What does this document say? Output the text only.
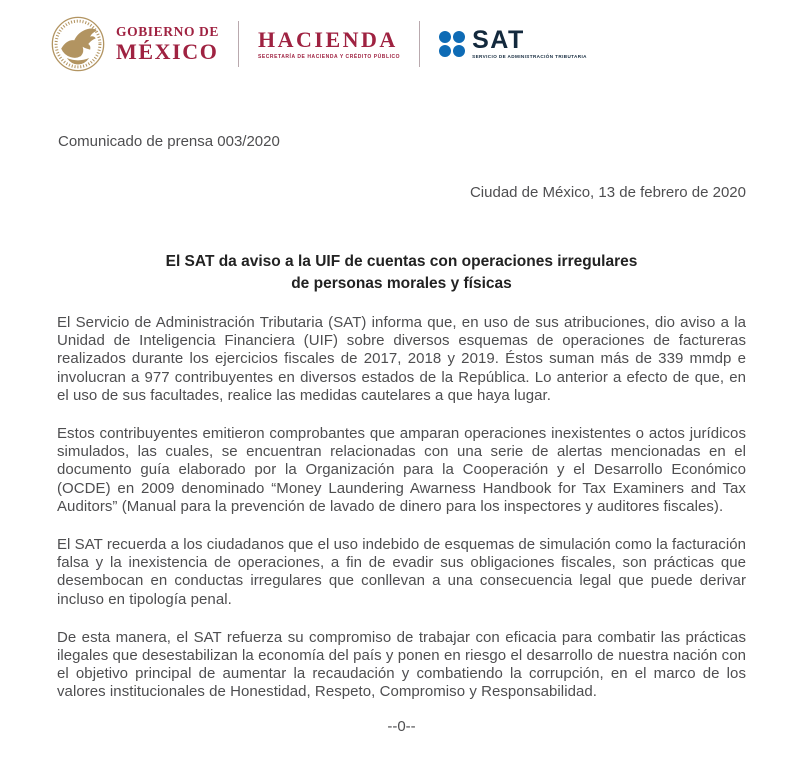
GOBIERNO DE
MÉXICO HACIENDA
SECRETARÍA DE HACIENDA Y CRÉDITO PÚBLICO
SAT
SERVICIO DE ADMINISTRACIÓN TRIBUTARIA
Comunicado de prensa 003/2020
Ciudad de México, 13 de febrero de 2020
El SAT da aviso a la UIF de cuentas con operaciones irregulares
de personas morales y físicas

El Servicio de Administración Tributaria (SAT) informa que, en uso de sus atribuciones, dio aviso a la Unidad de Inteligencia Financiera (UIF) sobre diversos esquemas de operaciones de factureras realizados durante los ejercicios fiscales de 2017, 2018 y 2019. Éstos suman más de 339 mmdp e involucran a 977 contribuyentes en diversos estados de la República. Lo anterior a efecto de que, en el uso de sus facultades, realice las medidas cautelares a que haya lugar.

Estos contribuyentes emitieron comprobantes que amparan operaciones inexistentes o actos jurídicos simulados, las cuales, se encuentran relacionadas con una serie de alertas mencionadas en el documento guía elaborado por la Organización para la Cooperación y el Desarrollo Económico (OCDE) en 2009 denominado “Money Laundering Awarness Handbook for Tax Examiners and Tax Auditors” (Manual para la prevención de lavado de dinero para los inspectores y auditores fiscales).

El SAT recuerda a los ciudadanos que el uso indebido de esquemas de simulación como la facturación falsa y la inexistencia de operaciones, a fin de evadir sus obligaciones fiscales, son prácticas que desembocan en conductas irregulares que conllevan a una consecuencia legal que puede derivar incluso en tipología penal.

De esta manera, el SAT refuerza su compromiso de trabajar con eficacia para combatir las prácticas ilegales que desestabilizan la economía del país y ponen en riesgo el desarrollo de nuestra nación con el objetivo principal de aumentar la recaudación y combatiendo la corrupción, en el marco de los valores institucionales de Honestidad, Respeto, Compromiso y Responsabilidad.

--0--
